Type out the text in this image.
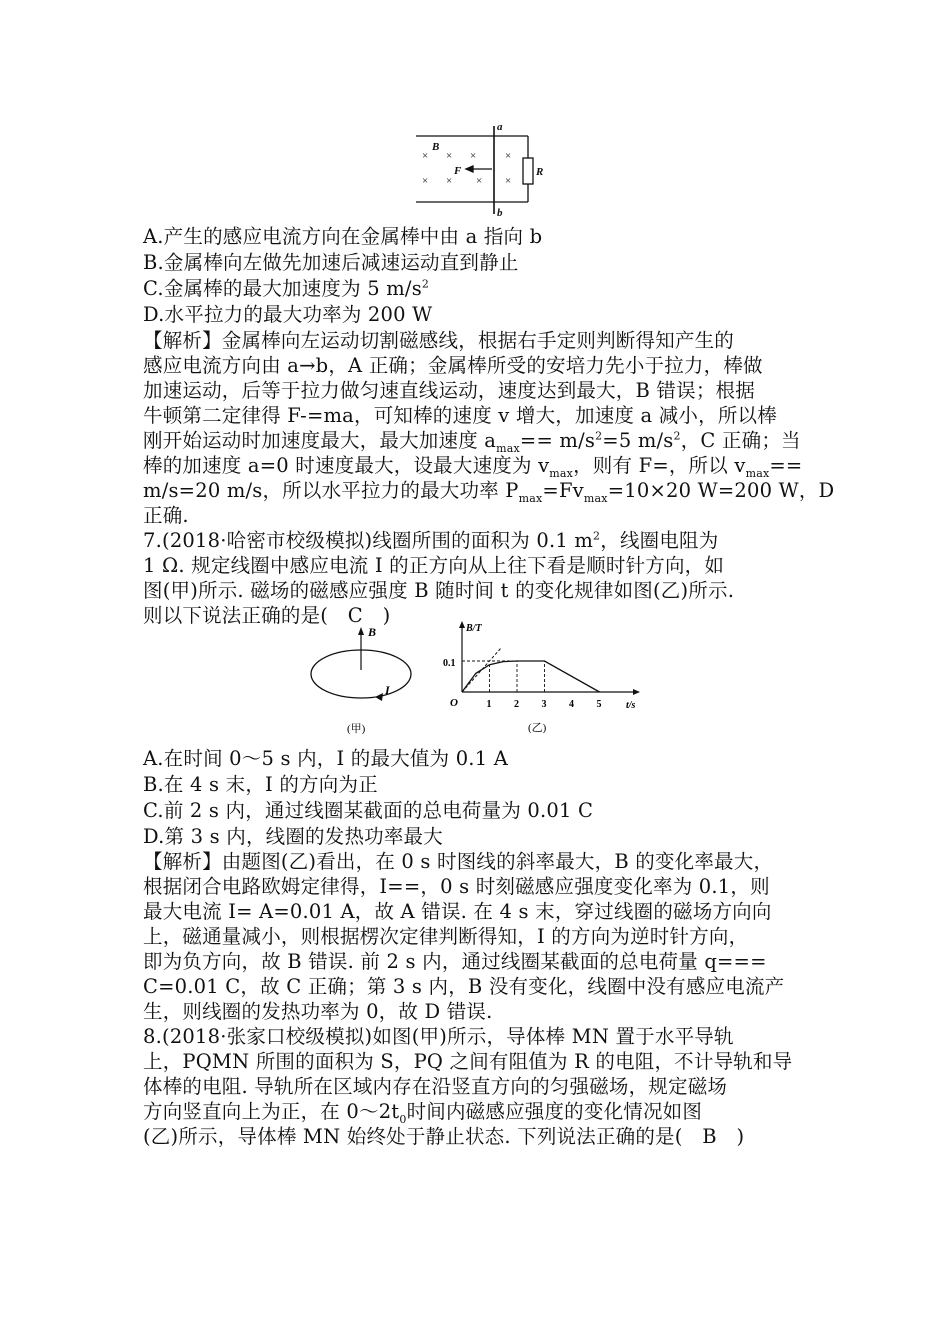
a
b
B
F	R
× × ×	×
× × × ×
A.产生的感应电流方向在金属棒中由 a 指向 b
B.金属棒向左做先加速后减速运动直到静止
C.金属棒的最大加速度为 5 $m/s^2$
D.水平拉力的最大功率为 200 W
【解析】金属棒向左运动切割磁感线，根据右手定则判断得知产生的
感应电流方向由 a→b，A 正确；金属棒所受的安培力先小于拉力，棒做
加速运动，后等于拉力做匀速直线运动，速度达到最大，B 错误；根据
牛顿第二定律得 F-=ma，可知棒的速度 v 增大，加速度 a 减小，所以棒
刚开始运动时加速度最大，最大加速度 $a_{max}== m/s^2=5$ $m/s^2$，C 正确；当
棒的加速度 a=0 时速度最大，设最大速度为 $v_{max}$，则有 F=，所以 $v_{max}==$
m/s=20 m/s，所以水平拉力的最大功率 $P_{max}=Fv_{max}=10\times 20$ W=200 W，D
正确.
7.(2018·哈密市校级模拟)线圈所围的面积为 0.1 $m^2$，线圈电阻为
1 Ω. 规定线圈中感应电流 I 的正方向从上往下看是顺时针方向，如
图(甲)所示. 磁场的磁感应强度 B 随时间 t 的变化规律如图(乙)所示.
则以下说法正确的是(　C　)
B
I
(甲)
B/T
t/s
O
0.1
1 2 3 4 5
(乙)
A.在时间 0～5 s 内，I 的最大值为 0.1 A
B.在 4 s 末，I 的方向为正
C.前 2 s 内，通过线圈某截面的总电荷量为 0.01 C
D.第 3 s 内，线圈的发热功率最大
【解析】由题图(乙)看出，在 0 s 时图线的斜率最大，B 的变化率最大，
根据闭合电路欧姆定律得，I==，0 s 时刻磁感应强度变化率为 0.1，则
最大电流 I= A=0.01 A，故 A 错误. 在 4 s 末，穿过线圈的磁场方向向
上，磁通量减小，则根据楞次定律判断得知，I 的方向为逆时针方向，
即为负方向，故 B 错误. 前 2 s 内，通过线圈某截面的总电荷量 q===
C=0.01 C，故 C 正确；第 3 s 内，B 没有变化，线圈中没有感应电流产
生，则线圈的发热功率为 0，故 D 错误.
8.(2018·张家口校级模拟)如图(甲)所示，导体棒 MN 置于水平导轨
上，PQMN 所围的面积为 S，PQ 之间有阻值为 R 的电阻，不计导轨和导
体棒的电阻. 导轨所在区域内存在沿竖直方向的匀强磁场，规定磁场
方向竖直向上为正，在 $0\sim 2t_0$时间内磁感应强度的变化情况如图
(乙)所示，导体棒 MN 始终处于静止状态. 下列说法正确的是(　B　)
